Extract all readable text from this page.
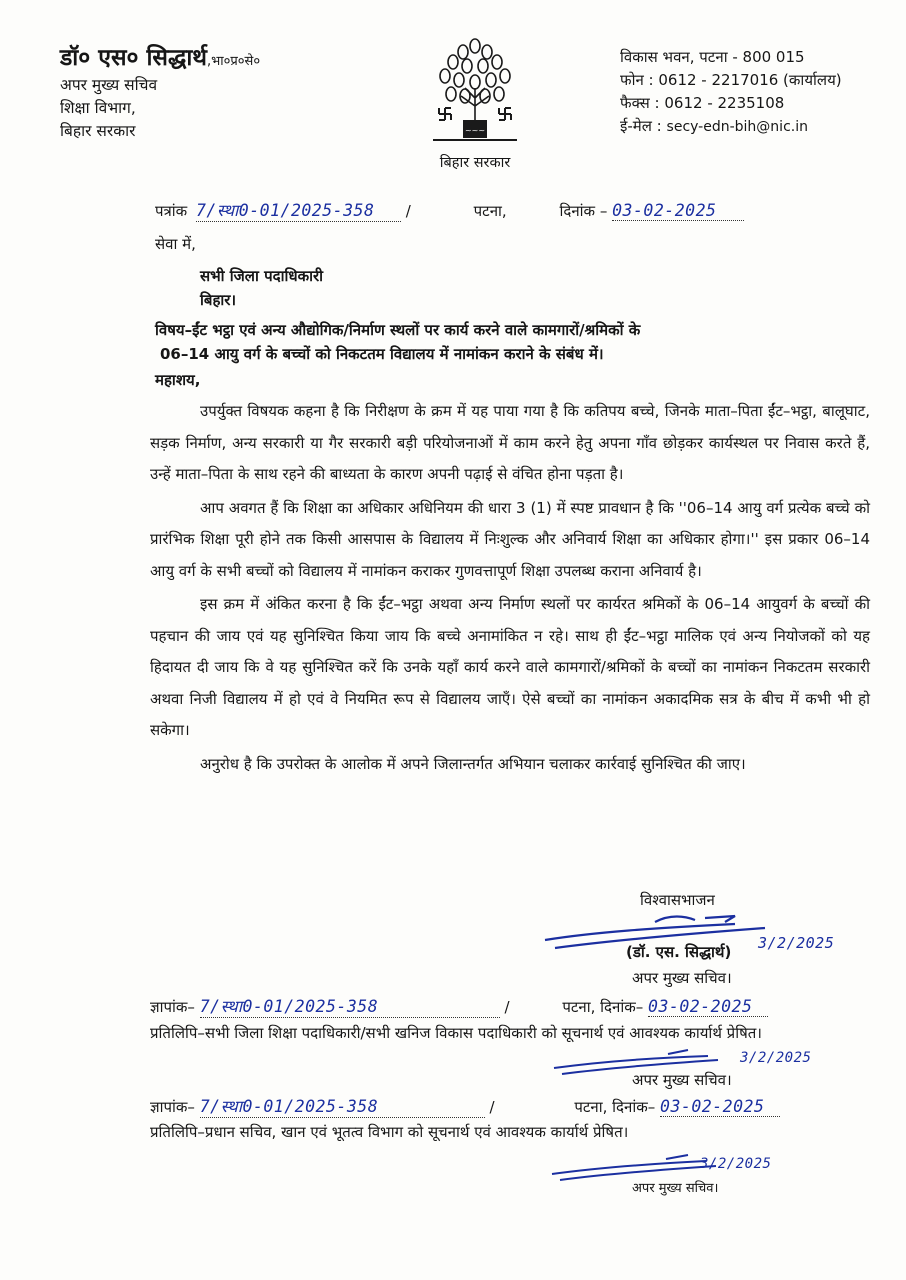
डॉ० एस० सिद्धार्थ,भा०प्र०से०
अपर मुख्य सचिव
शिक्षा विभाग,
बिहार सरकार	~~~
बिहार सरकार
विकास भवन, पटना - 800 015
फोन : 0612 - 2217016 (कार्यालय)
फैक्स : 0612 - 2235108
ई-मेल : secy-edn-bih@nic.in
पत्रांक 7/स्था0-01/2025-358 /	पटना,	दिनांक – 03-02-2025
सेवा में,
सभी जिला पदाधिकारी
बिहार।
विषय–ईंट भट्ठा एवं अन्य औद्योगिक/निर्माण स्थलों पर कार्य करने वाले कामगारों/श्रमिकों के
06–14 आयु वर्ग के बच्चों को निकटतम विद्यालय में नामांकन कराने के संबंध में।
महाशय,

उपर्युक्त विषयक कहना है कि निरीक्षण के क्रम में यह पाया गया है कि कतिपय बच्चे, जिनके माता–पिता ईंट–भट्ठा, बालूघाट, सड़क निर्माण, अन्य सरकारी या गैर सरकारी बड़ी परियोजनाओं में काम करने हेतु अपना गाँव छोड़कर कार्यस्थल पर निवास करते हैं, उन्हें माता–पिता के साथ रहने की बाध्यता के कारण अपनी पढ़ाई से वंचित होना पड़ता है।

आप अवगत हैं कि शिक्षा का अधिकार अधिनियम की धारा 3 (1) में स्पष्ट प्रावधान है कि ''06–14 आयु वर्ग प्रत्येक बच्चे को प्रारंभिक शिक्षा पूरी होने तक किसी आसपास के विद्यालय में निःशुल्क और अनिवार्य शिक्षा का अधिकार होगा।'' इस प्रकार 06–14 आयु वर्ग के सभी बच्चों को विद्यालय में नामांकन कराकर गुणवत्तापूर्ण शिक्षा उपलब्ध कराना अनिवार्य है।

इस क्रम में अंकित करना है कि ईंट–भट्ठा अथवा अन्य निर्माण स्थलों पर कार्यरत श्रमिकों के 06–14 आयुवर्ग के बच्चों की पहचान की जाय एवं यह सुनिश्चित किया जाय कि बच्चे अनामांकित न रहे। साथ ही ईंट–भट्ठा मालिक एवं अन्य नियोजकों को यह हिदायत दी जाय कि वे यह सुनिश्चित करें कि उनके यहाँ कार्य करने वाले कामगारों/श्रमिकों के बच्चों का नामांकन निकटतम सरकारी अथवा निजी विद्यालय में हो एवं वे नियमित रूप से विद्यालय जाएँ। ऐसे बच्चों का नामांकन अकादमिक सत्र के बीच में कभी भी हो सकेगा।

अनुरोध है कि उपरोक्त के आलोक में अपने जिलान्तर्गत अभियान चलाकर कार्रवाई सुनिश्चित की जाए।

विश्वासभाजन
(डॉ. एस. सिद्धार्थ) 3/2/2025
अपर मुख्य सचिव।
ज्ञापांक– 7/स्था0-01/2025-358	/	पटना, दिनांक– 03-02-2025
प्रतिलिपि–सभी जिला शिक्षा पदाधिकारी/सभी खनिज विकास पदाधिकारी को सूचनार्थ एवं आवश्यक कार्यार्थ प्रेषित।
3/2/2025
अपर मुख्य सचिव।
ज्ञापांक– 7/स्था0-01/2025-358	/	पटना, दिनांक– 03-02-2025
प्रतिलिपि–प्रधान सचिव, खान एवं भूतत्व विभाग को सूचनार्थ एवं आवश्यक कार्यार्थ प्रेषित।
3/2/2025
अपर मुख्य सचिव।
